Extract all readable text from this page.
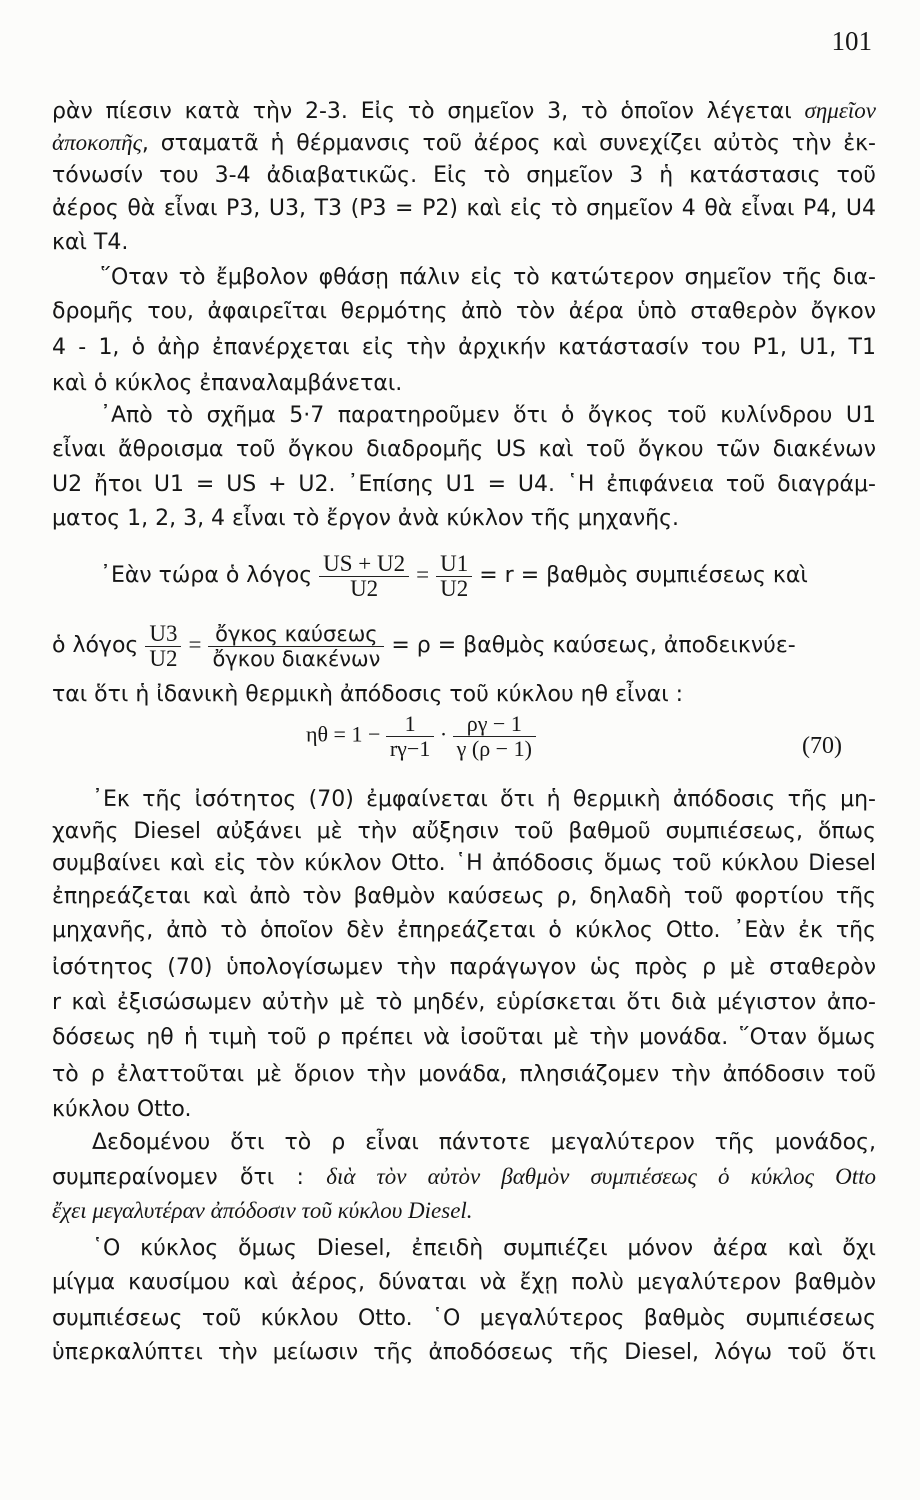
101
ρὰν πίεσιν κατὰ τὴν 2-3. Εἰς τὸ σημεῖον 3, τὸ ὁποῖον λέγεται σημεῖον
ἀποκοπῆς, σταματᾶ ἡ θέρμανσις τοῦ ἀέρος καὶ συνεχίζει αὐτὸς τὴν ἐκ-
τόνωσίν του 3-4 ἀδιαβατικῶς. Εἰς τὸ σημεῖον 3 ἡ κατάστασις τοῦ
ἀέρος θὰ εἶναι P3, U3, T3 (P3 = P2) καὶ εἰς τὸ σημεῖον 4 θὰ εἶναι P4, U4
καὶ T4.
῞Οταν τὸ ἔμβολον φθάσῃ πάλιν εἰς τὸ κατώτερον σημεῖον τῆς δια-
δρομῆς του, ἀφαιρεῖται θερμότης ἀπὸ τὸν ἀέρα ὑπὸ σταθερὸν ὄγκον
4 - 1, ὁ ἀὴρ ἐπανέρχεται εἰς τὴν ἀρχικήν κατάστασίν του P1, U1, T1
καὶ ὁ κύκλος ἐπαναλαμβάνεται.
᾿Απὸ τὸ σχῆμα 5·7 παρατηροῦμεν ὅτι ὁ ὄγκος τοῦ κυλίνδρου U1
εἶναι ἄθροισμα τοῦ ὄγκου διαδρομῆς US καὶ τοῦ ὄγκου τῶν διακένων
U2 ἤτοι U1 = US + U2. ᾿Επίσης U1 = U4. ῾Η ἐπιφάνεια τοῦ διαγράμ-
ματος 1, 2, 3, 4 εἶναι τὸ ἔργον ἀνὰ κύκλον τῆς μηχανῆς.
᾿Εὰν τώρα ὁ λόγος $\frac{US + U2}{U2} = \frac{U1}{U2} = r$ = βαθμὸς συμπιέσεως καὶ
ὁ λόγος $\frac{U3}{U2} = \frac{\text{ὄγκος καύσεως}}{\text{ὄγκου διακένων}} = \rho$ = βαθμὸς καύσεως, ἀποδεικνύε-
ται ὅτι ἡ ἰδανικὴ θερμικὴ ἀπόδοσις τοῦ κύκλου ηθ εἶναι :
$\eta\theta = 1 - \frac{1}{r\gamma-1} \cdot \frac{\rho\gamma - 1}{\gamma (\rho - 1)}$	(70)
᾿Εκ τῆς ἰσότητος (70) ἐμφαίνεται ὅτι ἡ θερμικὴ ἀπόδοσις τῆς μη-
χανῆς Diesel αὐξάνει μὲ τὴν αὔξησιν τοῦ βαθμοῦ συμπιέσεως, ὅπως
συμβαίνει καὶ εἰς τὸν κύκλον Otto. ῾Η ἀπόδοσις ὅμως τοῦ κύκλου Diesel
ἐπηρεάζεται καὶ ἀπὸ τὸν βαθμὸν καύσεως ρ, δηλαδὴ τοῦ φορτίου τῆς
μηχανῆς, ἀπὸ τὸ ὁποῖον δὲν ἐπηρεάζεται ὁ κύκλος Otto. ᾿Εὰν ἐκ τῆς
ἰσότητος (70) ὑπολογίσωμεν τὴν παράγωγον ὡς πρὸς ρ μὲ σταθερὸν
r καὶ ἐξισώσωμεν αὐτὴν μὲ τὸ μηδέν, εὑρίσκεται ὅτι διὰ μέγιστον ἀπο-
δόσεως ηθ ἡ τιμὴ τοῦ ρ πρέπει νὰ ἰσοῦται μὲ τὴν μονάδα. ῞Οταν ὅμως
τὸ ρ ἐλαττοῦται μὲ ὅριον τὴν μονάδα, πλησιάζομεν τὴν ἀπόδοσιν τοῦ
κύκλου Otto.
Δεδομένου ὅτι τὸ ρ εἶναι πάντοτε μεγαλύτερον τῆς μονάδος,
συμπεραίνομεν ὅτι : διὰ τὸν αὐτὸν βαθμὸν συμπιέσεως ὁ κύκλος Otto
ἔχει μεγαλυτέραν ἀπόδοσιν τοῦ κύκλου Diesel.
῾Ο κύκλος ὅμως Diesel, ἐπειδὴ συμπιέζει μόνον ἀέρα καὶ ὄχι
μίγμα καυσίμου καὶ ἀέρος, δύναται νὰ ἔχῃ πολὺ μεγαλύτερον βαθμὸν
συμπιέσεως τοῦ κύκλου Otto. ῾Ο μεγαλύτερος βαθμὸς συμπιέσεως
ὑπερκαλύπτει τὴν μείωσιν τῆς ἀποδόσεως τῆς Diesel, λόγω τοῦ ὅτι
